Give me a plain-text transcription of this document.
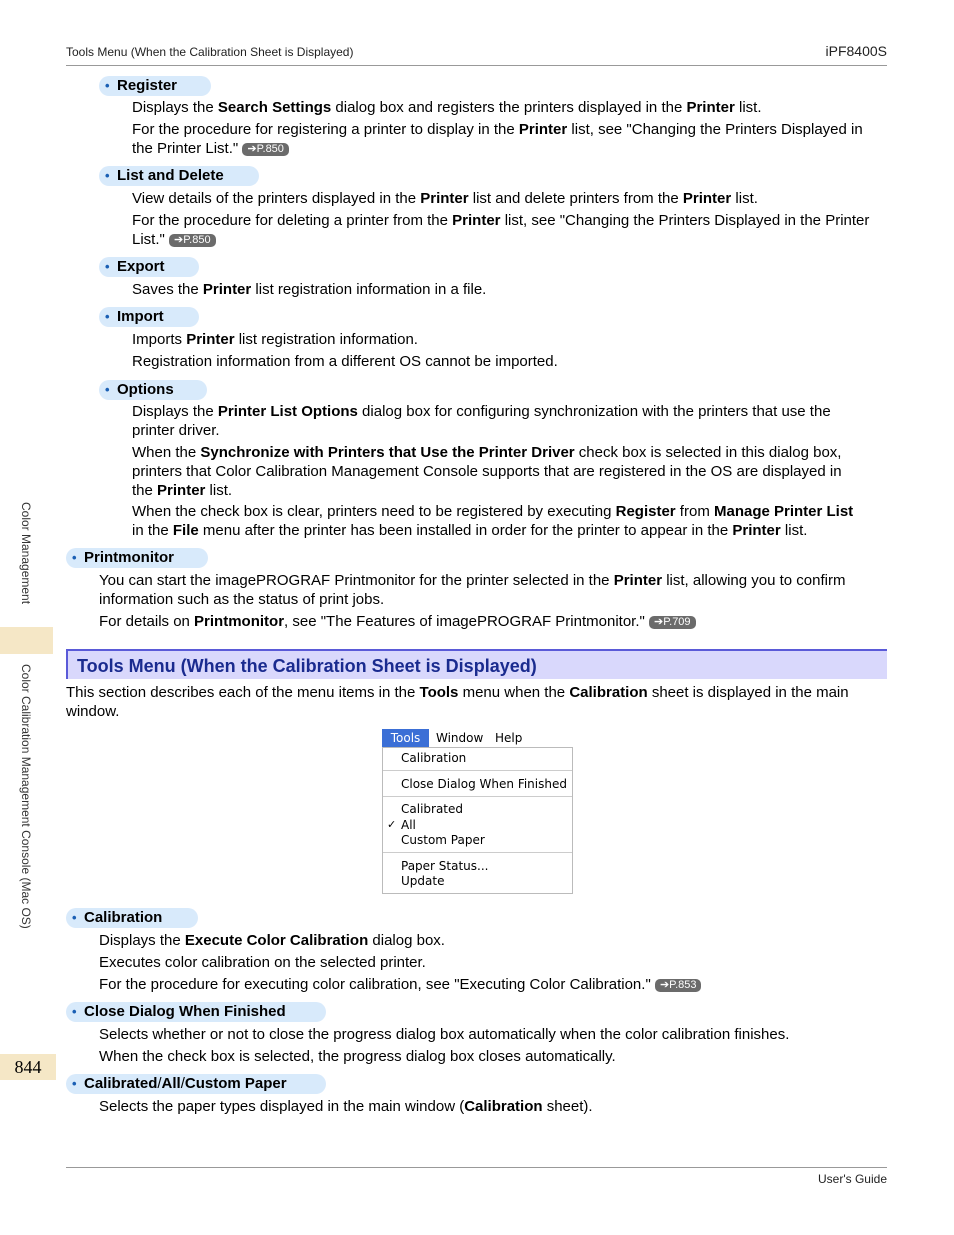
Tools Menu (When the Calibration Sheet is Displayed)	iPF8400S
Color Management
Color Calibration Management Console (Mac OS)
844
• Register
Displays the Search Settings dialog box and registers the printers displayed in the Printer list.
For the procedure for registering a printer to display in the Printer list, see "Changing the Printers Displayed in
the Printer List." ➔P.850
• List and Delete
View details of the printers displayed in the Printer list and delete printers from the Printer list.
For the procedure for deleting a printer from the Printer list, see "Changing the Printers Displayed in the Printer
List." ➔P.850
• Export
Saves the Printer list registration information in a file.
• Import
Imports Printer list registration information.
Registration information from a different OS cannot be imported.
• Options
Displays the Printer List Options dialog box for configuring synchronization with the printers that use the
printer driver.
When the Synchronize with Printers that Use the Printer Driver check box is selected in this dialog box,
printers that Color Calibration Management Console supports that are registered in the OS are displayed in
the Printer list.
When the check box is clear, printers need to be registered by executing Register from Manage Printer List
in the File menu after the printer has been installed in order for the printer to appear in the Printer list.
• Printmonitor
You can start the imagePROGRAF Printmonitor for the printer selected in the Printer list, allowing you to confirm
information such as the status of print jobs.
For details on Printmonitor, see "The Features of imagePROGRAF Printmonitor." ➔P.709
Tools Menu (When the Calibration Sheet is Displayed)
This section describes each of the menu items in the Tools menu when the Calibration sheet is displayed in the main
window.
Tools	Window Help
Calibration
Close Dialog When Finished
Calibrated
✓ All
Custom Paper
Paper Status...
Update
• Calibration
Displays the Execute Color Calibration dialog box.
Executes color calibration on the selected printer.
For the procedure for executing color calibration, see "Executing Color Calibration." ➔P.853
• Close Dialog When Finished
Selects whether or not to close the progress dialog box automatically when the color calibration finishes.
When the check box is selected, the progress dialog box closes automatically.
• Calibrated/All/Custom Paper
Selects the paper types displayed in the main window (Calibration sheet).
User's Guide
